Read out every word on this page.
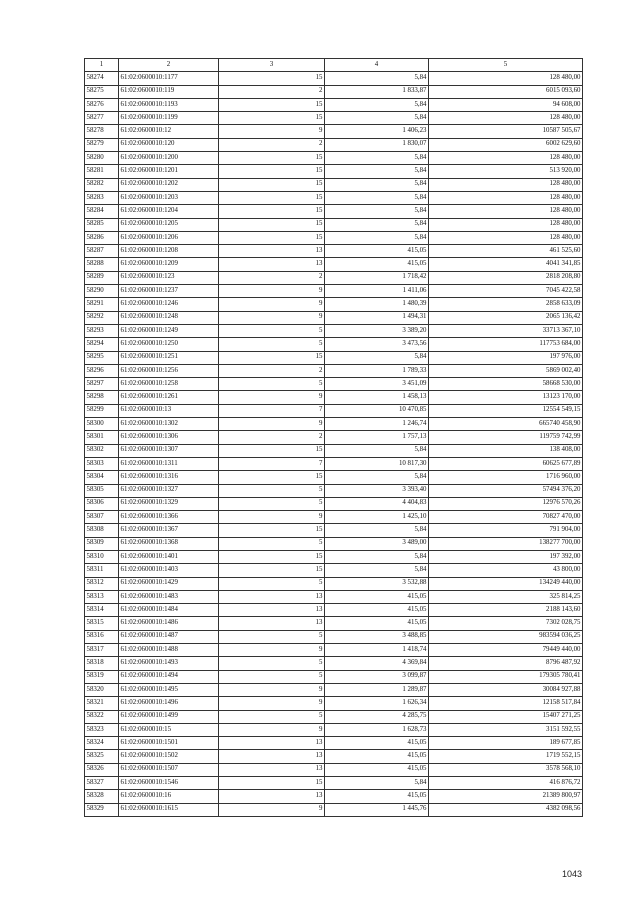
1	2	3	4	5
58274	61:02:0600010:1177	15	5,84	128 480,00
58275	61:02:0600010:119	2	1 833,87	6015 093,60
58276	61:02:0600010:1193	15	5,84	94 608,00
58277	61:02:0600010:1199	15	5,84	128 480,00
58278	61:02:0600010:12	9	1 406,23	10587 505,67
58279	61:02:0600010:120	2	1 830,07	6002 629,60
58280	61:02:0600010:1200	15	5,84	128 480,00
58281	61:02:0600010:1201	15	5,84	513 920,00
58282	61:02:0600010:1202	15	5,84	128 480,00
58283	61:02:0600010:1203	15	5,84	128 480,00
58284	61:02:0600010:1204	15	5,84	128 480,00
58285	61:02:0600010:1205	15	5,84	128 480,00
58286	61:02:0600010:1206	15	5,84	128 480,00
58287	61:02:0600010:1208	13	415,05	461 525,60
58288	61:02:0600010:1209	13	415,05	4041 341,85
58289	61:02:0600010:123	2	1 718,42	2818 208,80
58290	61:02:0600010:1237	9	1 411,06	7045 422,58
58291	61:02:0600010:1246	9	1 480,39	2858 633,09
58292	61:02:0600010:1248	9	1 494,31	2065 136,42
58293	61:02:0600010:1249	5	3 389,20	33713 367,10
58294	61:02:0600010:1250	5	3 473,56	117753 684,00
58295	61:02:0600010:1251	15	5,84	197 976,00
58296	61:02:0600010:1256	2	1 789,33	5869 002,40
58297	61:02:0600010:1258	5	3 451,09	58668 530,00
58298	61:02:0600010:1261	9	1 458,13	13123 170,00
58299	61:02:0600010:13	7	10 470,85	12554 549,15
58300	61:02:0600010:1302	9	1 246,74	665740 458,90
58301	61:02:0600010:1306	2	1 757,13	119759 742,99
58302	61:02:0600010:1307	15	5,84	138 408,00
58303	61:02:0600010:1311	7	10 817,30	60625 677,89
58304	61:02:0600010:1316	15	5,84	1716 960,00
58305	61:02:0600010:1327	5	3 393,40	57494 376,20
58306	61:02:0600010:1329	5	4 404,83	12976 570,26
58307	61:02:0600010:1366	9	1 425,10	70827 470,00
58308	61:02:0600010:1367	15	5,84	791 904,00
58309	61:02:0600010:1368	5	3 489,00	138277 700,00
58310	61:02:0600010:1401	15	5,84	197 392,00
58311	61:02:0600010:1403	15	5,84	43 800,00
58312	61:02:0600010:1429	5	3 532,88	134249 440,00
58313	61:02:0600010:1483	13	415,05	325 814,25
58314	61:02:0600010:1484	13	415,05	2188 143,60
58315	61:02:0600010:1486	13	415,05	7302 028,75
58316	61:02:0600010:1487	5	3 488,85	983594 036,25
58317	61:02:0600010:1488	9	1 418,74	79449 440,00
58318	61:02:0600010:1493	5	4 369,84	8796 487,92
58319	61:02:0600010:1494	5	3 099,87	179305 780,41
58320	61:02:0600010:1495	9	1 289,87	30084 927,88
58321	61:02:0600010:1496	9	1 626,34	12158 517,84
58322	61:02:0600010:1499	5	4 285,75	15407 271,25
58323	61:02:0600010:15	9	1 628,73	3151 592,55
58324	61:02:0600010:1501	13	415,05	189 677,85
58325	61:02:0600010:1502	13	415,05	1719 552,15
58326	61:02:0600010:1507	13	415,05	3578 568,10
58327	61:02:0600010:1546	15	5,84	416 876,72
58328	61:02:0600010:16	13	415,05	21389 800,97
58329	61:02:0600010:1615	9	1 445,76	4382 098,56
1043
